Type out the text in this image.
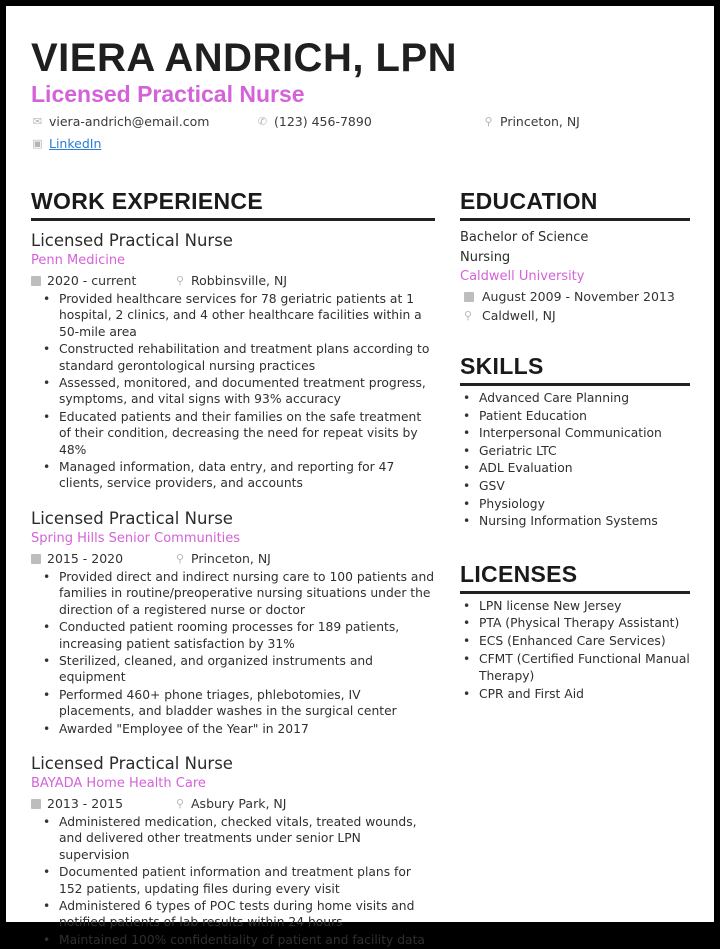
VIERA ANDRICH, LPN
Licensed Practical Nurse
✉ viera-andrich@email.com	✆ (123) 456-7890	⚲ Princeton, NJ
▣ LinkedIn
WORK EXPERIENCE
Licensed Practical Nurse
Penn Medicine
2020 - current	⚲ Robbinsville, NJ
• Provided healthcare services for 78 geriatric patients at 1 hospital, 2 clinics, and 4 other healthcare facilities within a 50-mile area
• Constructed rehabilitation and treatment plans according to standard gerontological nursing practices
• Assessed, monitored, and documented treatment progress, symptoms, and vital signs with 93% accuracy
• Educated patients and their families on the safe treatment of their condition, decreasing the need for repeat visits by 48%
• Managed information, data entry, and reporting for 47 clients, service providers, and accounts
Licensed Practical Nurse
Spring Hills Senior Communities
2015 - 2020	⚲ Princeton, NJ
• Provided direct and indirect nursing care to 100 patients and families in routine/preoperative nursing situations under the direction of a registered nurse or doctor
• Conducted patient rooming processes for 189 patients, increasing patient satisfaction by 31%
• Sterilized, cleaned, and organized instruments and equipment
• Performed 460+ phone triages, phlebotomies, IV placements, and bladder washes in the surgical center
• Awarded "Employee of the Year" in 2017
Licensed Practical Nurse
BAYADA Home Health Care
2013 - 2015	⚲ Asbury Park, NJ
• Administered medication, checked vitals, treated wounds, and delivered other treatments under senior LPN supervision
• Documented patient information and treatment plans for 152 patients, updating files during every visit
• Administered 6 types of POC tests during home visits and notified patients of lab results within 24 hours
• Maintained 100% confidentiality of patient and facility data
EDUCATION
Bachelor of Science
Nursing
Caldwell University
August 2009 - November 2013
⚲ Caldwell, NJ
SKILLS
• Advanced Care Planning
• Patient Education
• Interpersonal Communication
• Geriatric LTC
• ADL Evaluation
• GSV
• Physiology
• Nursing Information Systems
LICENSES
• LPN license New Jersey
• PTA (Physical Therapy Assistant)
• ECS (Enhanced Care Services)
• CFMT (Certified Functional Manual Therapy)
• CPR and First Aid
